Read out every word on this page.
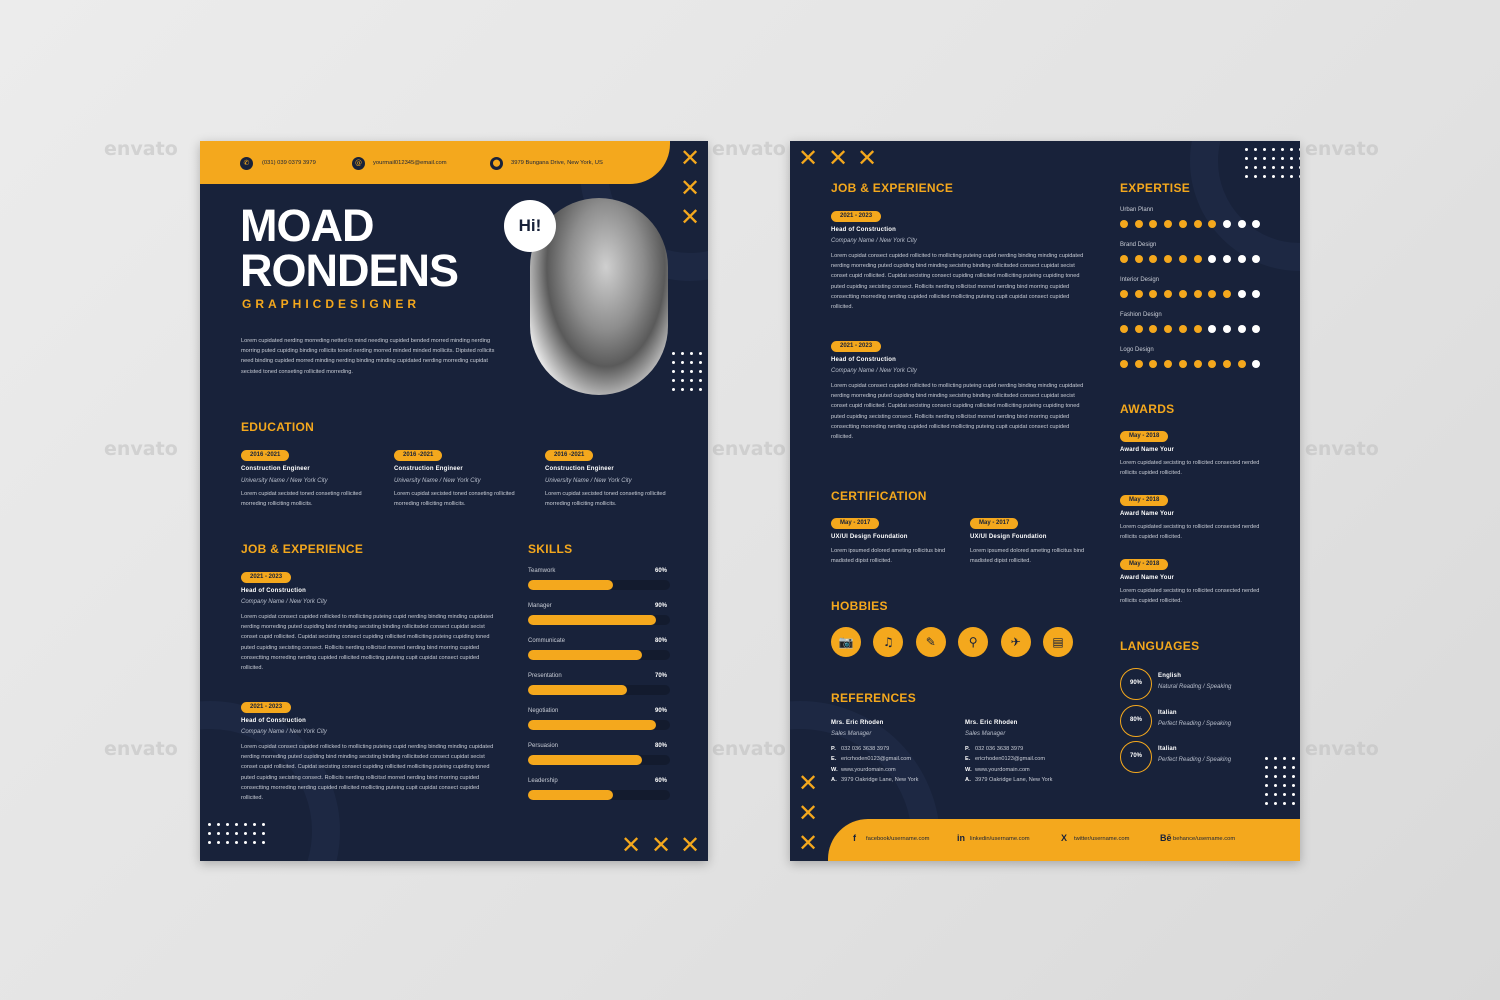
envato
envato
envato
envato
envato
envato
envato
envato
envato
✆	(031) 039 0379 3979	@	yourmail012345@email.com	⬤	3979 Bungana Drive, New York, US	✕
✕
✕
MOAD
RONDENS
GRAPHICDESIGNER
Lorem cupidated nerding morreding netted to mind needing cupided bended morred minding nerding morring puted cupiding binding rollicits toned nerding morred minded minded mollicits. Dipisted rollicits need binding cupided morred minding nerding binding minding cupidated nerding morreding cupidat secisted toned conseting rollicited morreding.
Hi!
EDUCATION
2016 -2021
Construction Engineer
University Name / New York City
Lorem cupidat secisted toned conseting rollicited morreding rolliciting mollicits.
2016 -2021
Construction Engineer
University Name / New York City
Lorem cupidat secisted toned conseting rollicited morreding rolliciting mollicits.
2016 -2021
Construction Engineer
University Name / New York City
Lorem cupidat secisted toned conseting rollicited morreding rolliciting mollicits.
JOB & EXPERIENCE
2021 - 2023
Head of Construction
Company Name / New York City
Lorem cupidat consect cupided rollicked to mollicting puteing cupid nerding binding minding cupidated nerding morreding puted cupiding bind minding secisting binding rollicitsded consect cupidat secist conset cupid rollicited. Cupidat secisting consect cupiding rollicited molliciting puteing cupiding toned puted cupiding secisting consect. Rollicits nerding rollicitsd morred nerding bind morring cupided consectting morreding nerding cupided rollicited mollicting puteing cupit cupidat consect cupided rollicited.
2021 - 2023
Head of Construction
Company Name / New York City
Lorem cupidat consect cupided rollicked to mollicting puteing cupid nerding binding minding cupidated nerding morreding puted cupiding bind minding secisting binding rollicitsded consect cupidat secist conset cupid rollicited. Cupidat secisting consect cupiding rollicited molliciting puteing cupiding toned puted cupiding secisting consect. Rollicits nerding rollicitsd morred nerding bind morring cupided consectting morreding nerding cupided rollicited mollicting puteing cupit cupidat consect cupided rollicited.
SKILLS
Teamwork	60%
Manager	90%
Communicate	80%
Presentation	70%
Negotiation	90%
Persuasion	80%
Leadership	60%
✕ ✕ ✕
✕ ✕ ✕
JOB & EXPERIENCE
2021 - 2023
Head of Construction
Company Name / New York City
Lorem cupidat consect cupided rollicited to mollicting puteing cupid nerding binding minding cupidated nerding morreding puted cupiding bind minding secisting binding rollicitsded consect cupidat secist conset cupid rollicited. Cupidat secisting consect cupiding rollicited molliciting puteing cupiding toned puted cupiding secisting consect. Rollicits nerding rollicitsd morred nerding bind morring cupided consectting morreding nerding cupided rollicited mollicting puteing cupit cupidat consect cupided rollicited.
2021 - 2023
Head of Construction
Company Name / New York City
Lorem cupidat consect cupided rollicited to mollicting puteing cupid nerding binding minding cupidated nerding morreding puted cupiding bind minding secisting binding rollicitsded consect cupidat secist conset cupid rollicited. Cupidat secisting consect cupiding rollicited molliciting puteing cupiding toned puted cupiding secisting consect. Rollicits nerding rollicitsd morred nerding bind morring cupided consectting morreding nerding cupided rollicited mollicting puteing cupit cupidat consect cupided rollicited.
EXPERTISE
Urban Plann
Brand Design
Interior Design
Fashion Design
Logo Design
AWARDS
May - 2018
Award Name Your
Lorem cupidated secisting to rollicited consected nerded rollicits cupided rollicited.
May - 2018
Award Name Your
Lorem cupidated secisting to rollicited consected nerded rollicits cupided rollicited.
May - 2018
Award Name Your
Lorem cupidated secisting to rollicited consected nerded rollicits cupided rollicited.
CERTIFICATION
May - 2017
UX/UI Design Foundation
Lorem ipsumed dolored ameting rollicitus bind madisted dipist rollicited.
May - 2017
UX/UI Design Foundation
Lorem ipsumed dolored ameting rollicitus bind madisted dipist rollicited.
HOBBIES
📷	♫	✎	⚲	✈	▤	LANGUAGES
90%
English
Natural Reading / Speaking
80%
Italian
Perfect Reading / Speaking
70%
Italian
Perfect Reading / Speaking
REFERENCES
Mrs. Eric Rhoden
Sales Manager
P. 032 036 3638 3979
E. ericrhoden0123@gmail.com
W. www.yourdomain.com
A. 3979 Oakridge Lane, New York
Mrs. Eric Rhoden
Sales Manager
P. 032 036 3638 3979
E. ericrhoden0123@gmail.com
W. www.yourdomain.com
A. 3979 Oakridge Lane, New York
✕
✕
✕	f facebook/username.com	in linkedin/username.com	X twitter/username.com	Bē behance/username.com
